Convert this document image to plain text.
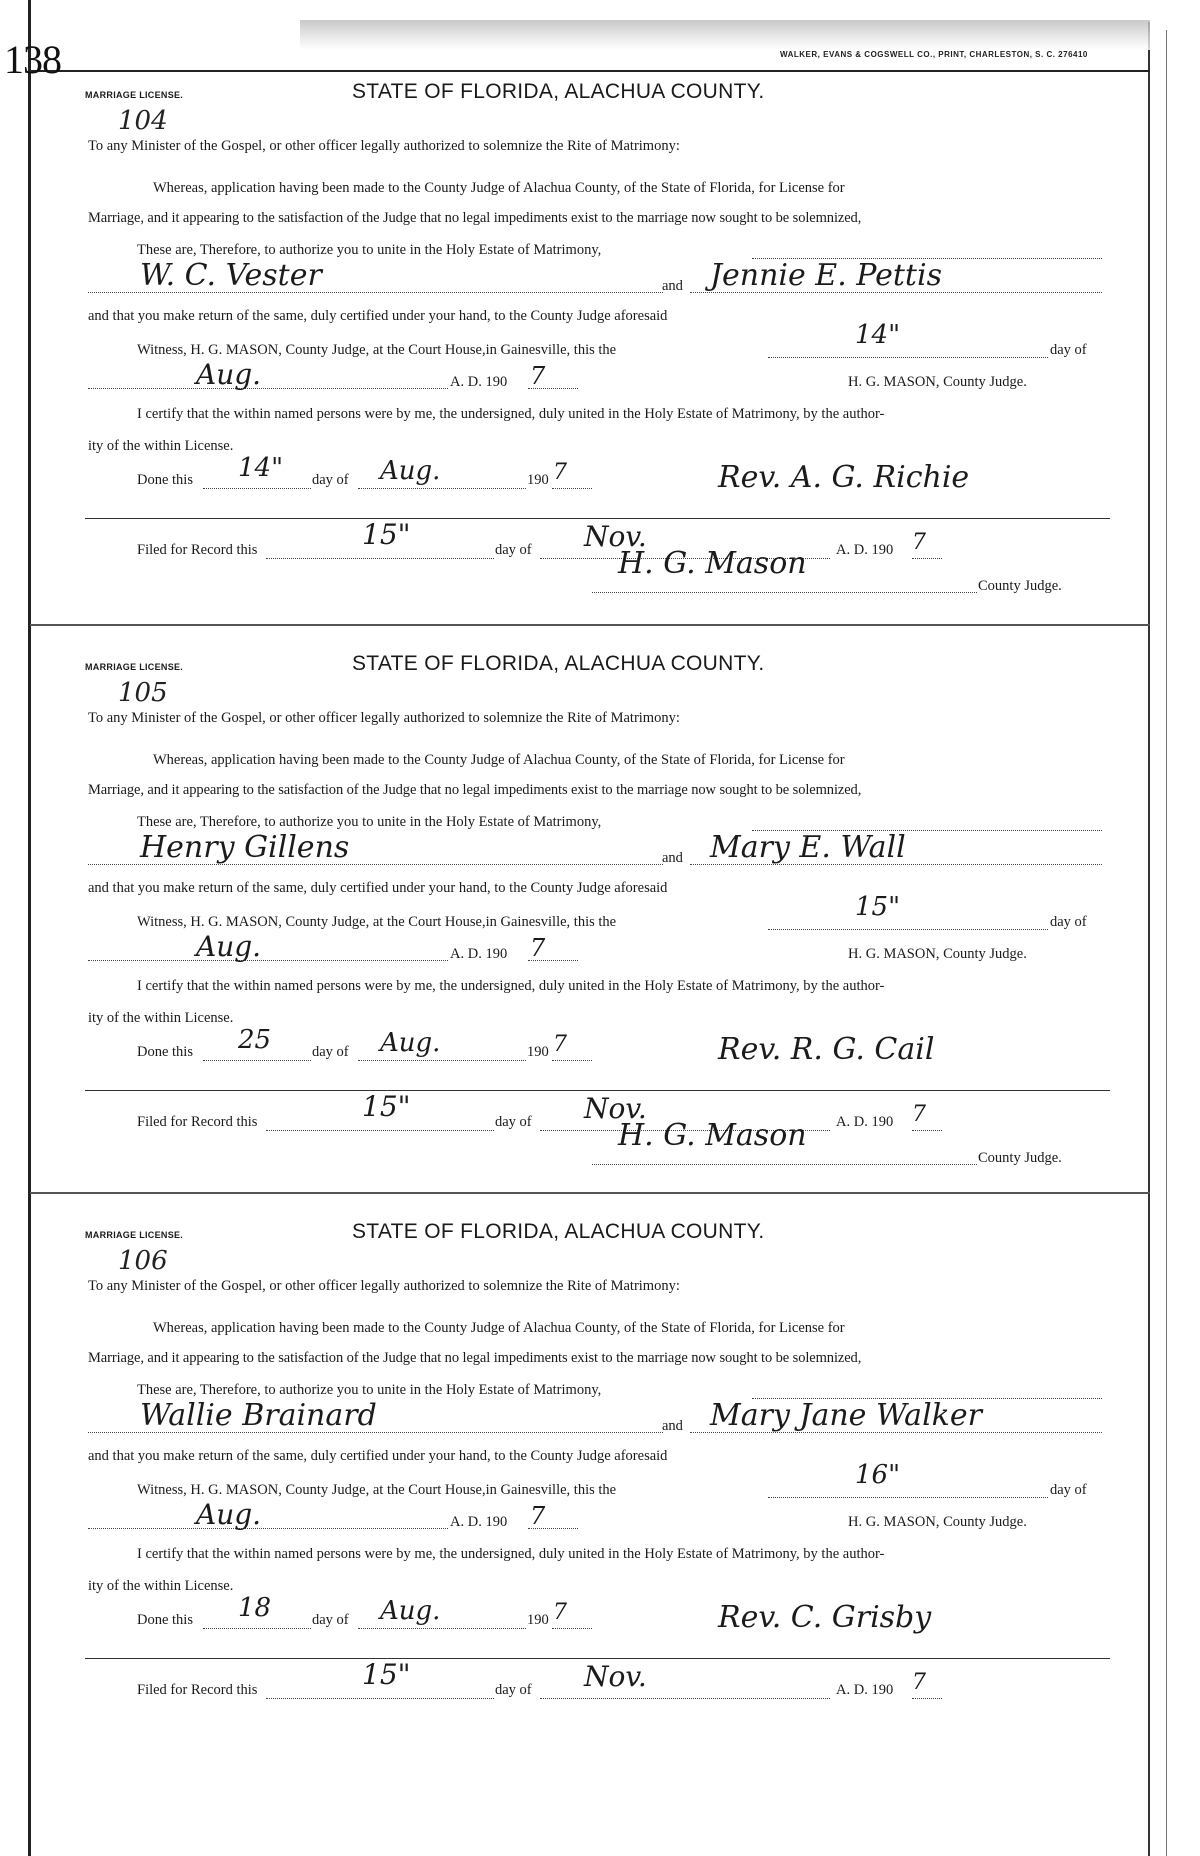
138	WALKER, EVANS & COGSWELL CO., PRINT, CHARLESTON, S. C. 276410
MARRIAGE LICENSE.	STATE OF FLORIDA, ALACHUA COUNTY.
104
To any Minister of the Gospel, or other officer legally authorized to solemnize the Rite of Matrimony:
Whereas, application having been made to the County Judge of Alachua County, of the State of Florida, for License for
Marriage, and it appearing to the satisfaction of the Judge that no legal impediments exist to the marriage now sought to be solemnized,
These are, Therefore, to authorize you to unite in the Holy Estate of Matrimony,
W. C. Vester	and Jennie E. Pettis
and that you make return of the same, duly certified under your hand, to the County Judge aforesaid
Witness, H. G. MASON, County Judge, at the Court House,in Gainesville, this the	14"	day of
Aug.	A. D. 190 7	H. G. MASON, County Judge.
I certify that the within named persons were by me, the undersigned, duly united in the Holy Estate of Matrimony, by the author-
ity of the within License.
Done this 14" day of Aug.	190 7	Rev. A. G. Richie
Filed for Record this	15"	day of Nov.	A. D. 190 7
H. G. Mason
County Judge.
MARRIAGE LICENSE.	STATE OF FLORIDA, ALACHUA COUNTY.
105
To any Minister of the Gospel, or other officer legally authorized to solemnize the Rite of Matrimony:
Whereas, application having been made to the County Judge of Alachua County, of the State of Florida, for License for
Marriage, and it appearing to the satisfaction of the Judge that no legal impediments exist to the marriage now sought to be solemnized,
These are, Therefore, to authorize you to unite in the Holy Estate of Matrimony,
Henry Gillens	and Mary E. Wall
and that you make return of the same, duly certified under your hand, to the County Judge aforesaid
Witness, H. G. MASON, County Judge, at the Court House,in Gainesville, this the	15"	day of
Aug.	A. D. 190 7	H. G. MASON, County Judge.
I certify that the within named persons were by me, the undersigned, duly united in the Holy Estate of Matrimony, by the author-
ity of the within License.
Done this 25	day of Aug.	190 7	Rev. R. G. Cail
Filed for Record this	15"	day of Nov.	A. D. 190 7
H. G. Mason
County Judge.
MARRIAGE LICENSE.	STATE OF FLORIDA, ALACHUA COUNTY.
106
To any Minister of the Gospel, or other officer legally authorized to solemnize the Rite of Matrimony:
Whereas, application having been made to the County Judge of Alachua County, of the State of Florida, for License for
Marriage, and it appearing to the satisfaction of the Judge that no legal impediments exist to the marriage now sought to be solemnized,
These are, Therefore, to authorize you to unite in the Holy Estate of Matrimony,
Wallie Brainard	and Mary Jane Walker
and that you make return of the same, duly certified under your hand, to the County Judge aforesaid
Witness, H. G. MASON, County Judge, at the Court House,in Gainesville, this the	16"	day of
Aug.	A. D. 190 7	H. G. MASON, County Judge.
I certify that the within named persons were by me, the undersigned, duly united in the Holy Estate of Matrimony, by the author-
ity of the within License.
Done this 18	day of Aug.	190 7	Rev. C. Grisby
Filed for Record this	15"	day of Nov.	A. D. 190 7
